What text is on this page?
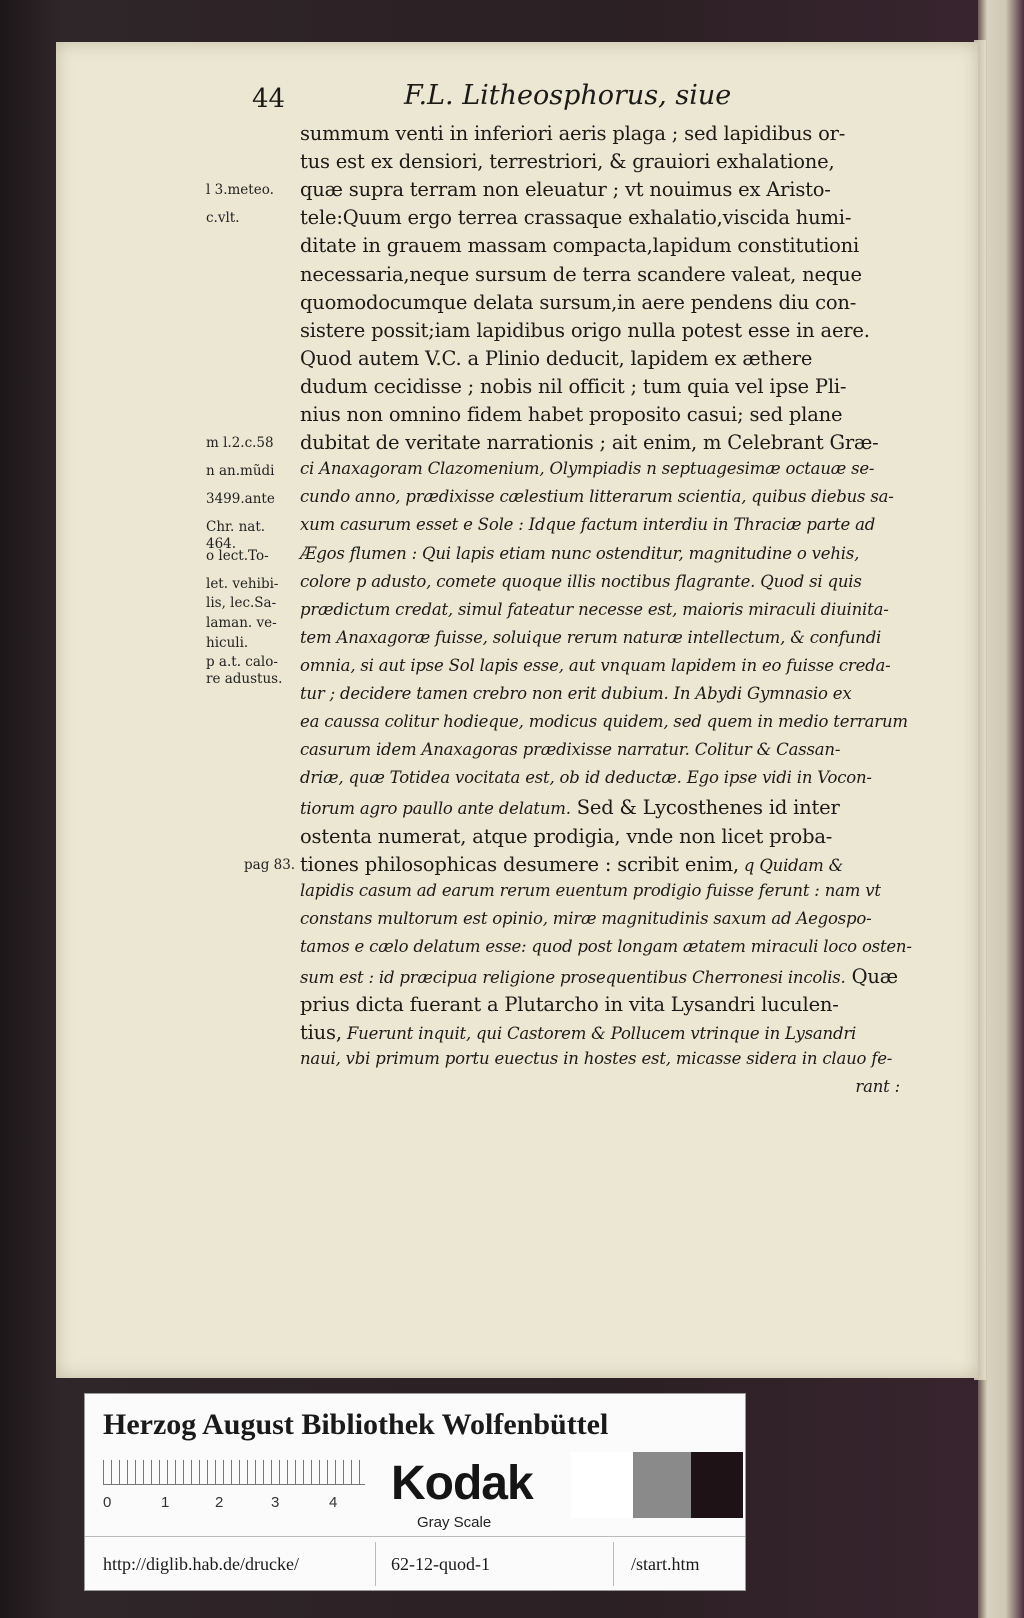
44	F.L. Litheosphorus, siue
summum venti in inferiori aeris plaga ; sed lapidibus or-
tus est ex densiori, terrestriori, & grauiori exhalatione,
quæ supra terram non eleuatur ; vt nouimus ex Aristo-
tele:Quum ergo terrea crassaque exhalatio,viscida humi-
ditate in grauem massam compacta,lapidum constitutioni
necessaria,neque sursum de terra scandere valeat, neque
quomodocumque delata sursum,in aere pendens diu con-
sistere possit;iam lapidibus origo nulla potest esse in aere.
Quod autem V.C. a Plinio deducit, lapidem ex æthere
dudum cecidisse ; nobis nil officit ; tum quia vel ipse Pli-
nius non omnino fidem habet proposito casui; sed plane
dubitat de veritate narrationis ; ait enim, m Celebrant Græ-
ci Anaxagoram Clazomenium, Olympiadis n septuagesimæ octauæ se-
cundo anno, prædixisse cælestium litterarum scientia, quibus diebus sa-
xum casurum esset e Sole : Idque factum interdiu in Thraciæ parte ad
Ægos flumen : Qui lapis etiam nunc ostenditur, magnitudine o vehis,
colore p adusto, comete quoque illis noctibus flagrante. Quod si quis
prædictum credat, simul fateatur necesse est, maioris miraculi diuinita-
tem Anaxagoræ fuisse, soluique rerum naturæ intellectum, & confundi
omnia, si aut ipse Sol lapis esse, aut vnquam lapidem in eo fuisse creda-
tur ; decidere tamen crebro non erit dubium. In Abydi Gymnasio ex
ea caussa colitur hodieque, modicus quidem, sed quem in medio terrarum
casurum idem Anaxagoras prædixisse narratur. Colitur & Cassan-
driæ, quæ Totidea vocitata est, ob id deductæ. Ego ipse vidi in Vocon-
tiorum agro paullo ante delatum. Sed & Lycosthenes id inter
ostenta numerat, atque prodigia, vnde non licet proba-
tiones philosophicas desumere : scribit enim, q Quidam &
lapidis casum ad earum rerum euentum prodigio fuisse ferunt : nam vt
constans multorum est opinio, miræ magnitudinis saxum ad Aegospo-
tamos e cælo delatum esse: quod post longam ætatem miraculi loco osten-
sum est : id præcipua religione prosequentibus Cherronesi incolis. Quæ
prius dicta fuerant a Plutarcho in vita Lysandri luculen-
tius, Fuerunt inquit, qui Castorem & Pollucem vtrinque in Lysandri
naui, vbi primum portu euectus in hostes est, micasse sidera in clauo fe-
rant :
l 3.meteo.
c.vlt.
m l.2.c.58
n an.mũdi
3499.ante
Chr. nat.
464.
o lect.To-
let. vehibi-
lis, lec.Sa-
laman. ve-
hiculi.
p a.t. calo-
re adustus.
pag 83.
Herzog August Bibliothek Wolfenbüttel
0	1	2	3	4 Kodak
Gray Scale
http://diglib.hab.de/drucke/	62-12-quod-1	/start.htm
